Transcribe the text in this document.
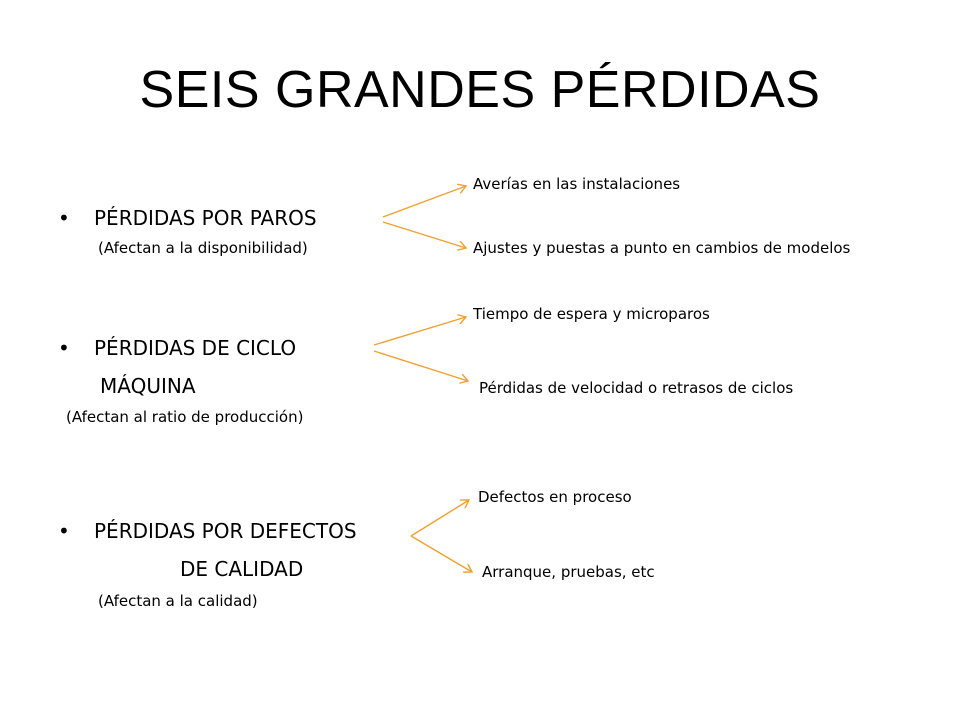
SEIS GRANDES PÉRDIDAS
• PÉRDIDAS POR PAROS
(Afectan a la disponibilidad)
Averías en las instalaciones
Ajustes y puestas a punto en cambios de modelos
• PÉRDIDAS DE CICLO
MÁQUINA
(Afectan al ratio de producción)
Tiempo de espera y microparos
Pérdidas de velocidad o retrasos de ciclos
• PÉRDIDAS POR DEFECTOS
DE CALIDAD
(Afectan a la calidad)
Defectos en proceso
Arranque, pruebas, etc
